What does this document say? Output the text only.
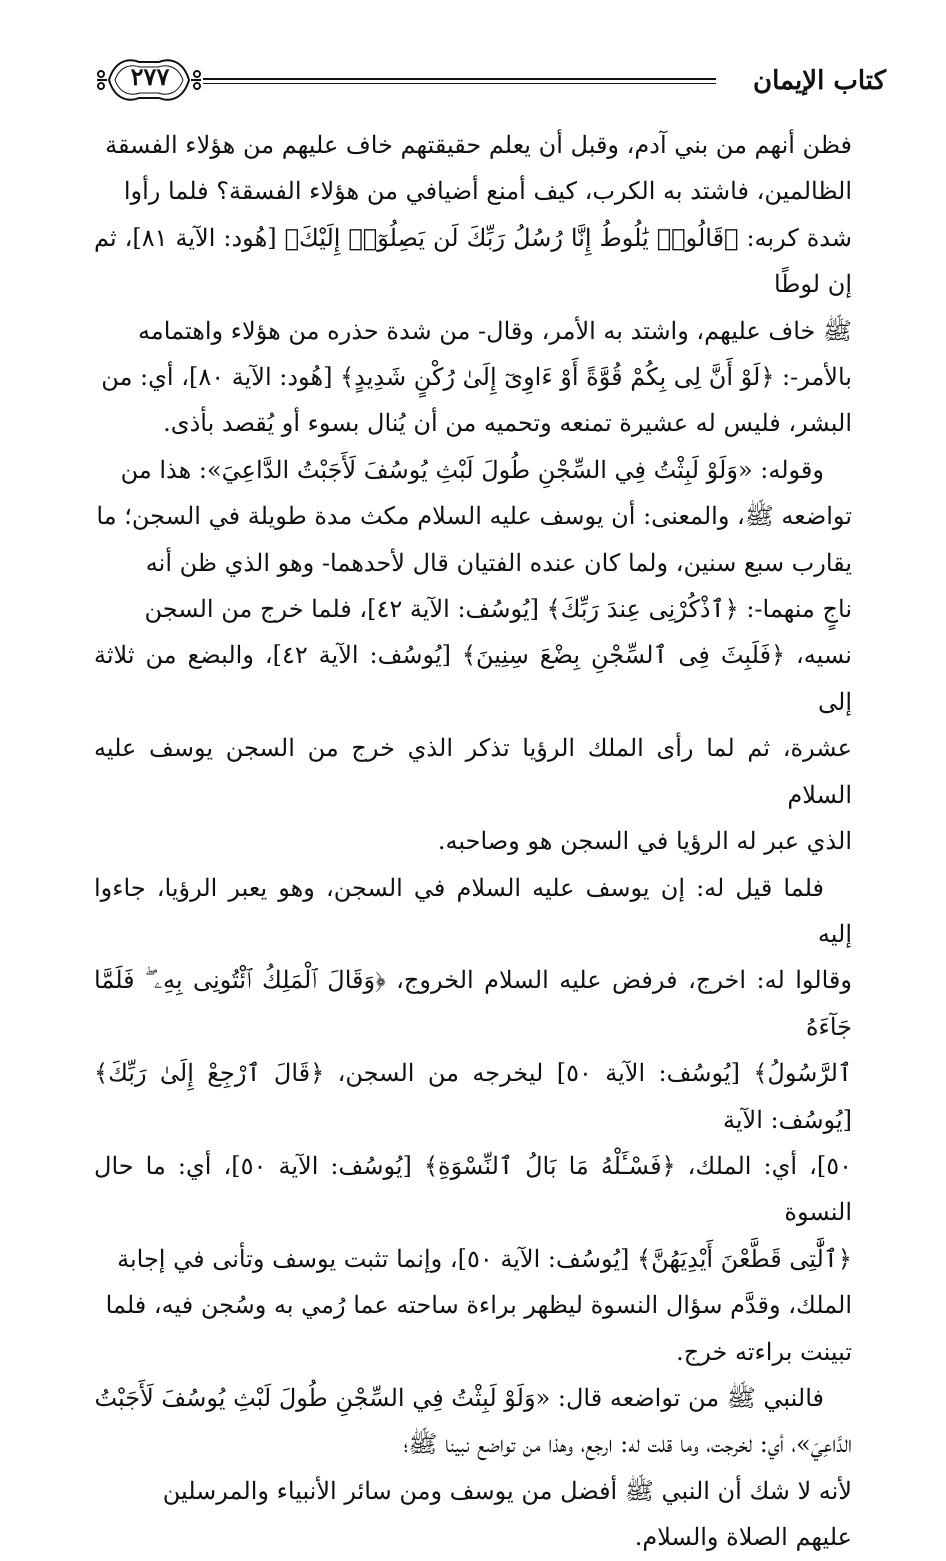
كتاب الإيمان
٢٧٧

فظن أنهم من بني آدم، وقبل أن يعلم حقيقتهم خاف عليهم من هؤلاء الفسقة

الظالمين، فاشتد به الكرب، كيف أمنع أضيافي من هؤلاء الفسقة؟ فلما رأوا

شدة كربه: ﴿قَالُوا۟ يَٰلُوطُ إِنَّا رُسُلُ رَبِّكَ لَن يَصِلُوٓا۟ إِلَيْكَ﴾ [هُود: الآية ٨١]، ثم إن لوطًا

ﷺ خاف عليهم، واشتد به الأمر، وقال- من شدة حذره من هؤلاء واهتمامه

بالأمر-: ﴿لَوْ أَنَّ لِى بِكُمْ قُوَّةً أَوْ ءَاوِىٓ إِلَىٰ رُكْنٍ شَدِيدٍ﴾ [هُود: الآية ٨٠]، أي: من

البشر، فليس له عشيرة تمنعه وتحميه من أن يُنال بسوء أو يُقصد بأذى.

وقوله: «وَلَوْ لَبِثْتُ فِي السِّجْنِ طُولَ لَبْثِ يُوسُفَ لَأَجَبْتُ الدَّاعِيَ»: هذا من

تواضعه ﷺ، والمعنى: أن يوسف عليه السلام مكث مدة طويلة في السجن؛ ما

يقارب سبع سنين، ولما كان عنده الفتيان قال لأحدهما- وهو الذي ظن أنه

ناجٍ منهما-: ﴿ٱذْكُرْنِى عِندَ رَبِّكَ﴾ [يُوسُف: الآية ٤٢]، فلما خرج من السجن

نسيه، ﴿فَلَبِثَ فِى ٱلسِّجْنِ بِضْعَ سِنِينَ﴾ [يُوسُف: الآية ٤٢]، والبضع من ثلاثة إلى

عشرة، ثم لما رأى الملك الرؤيا تذكر الذي خرج من السجن يوسف عليه السلام

الذي عبر له الرؤيا في السجن هو وصاحبه.

فلما قيل له: إن يوسف عليه السلام في السجن، وهو يعبر الرؤيا، جاءوا إليه

وقالوا له: اخرج، فرفض عليه السلام الخروج، ﴿وَقَالَ ٱلْمَلِكُ ٱئْتُونِى بِهِۦ ۖ فَلَمَّا جَآءَهُ

ٱلرَّسُولُ﴾ [يُوسُف: الآية ٥٠] ليخرجه من السجن، ﴿قَالَ ٱرْجِعْ إِلَىٰ رَبِّكَ﴾ [يُوسُف: الآية

٥٠]، أي: الملك، ﴿فَسْـَٔلْهُ مَا بَالُ ٱلنِّسْوَةِ﴾ [يُوسُف: الآية ٥٠]، أي: ما حال النسوة

﴿ٱلَّٰتِى قَطَّعْنَ أَيْدِيَهُنَّ﴾ [يُوسُف: الآية ٥٠]، وإنما تثبت يوسف وتأنى في إجابة

الملك، وقدَّم سؤال النسوة ليظهر براءة ساحته عما رُمي به وسُجن فيه، فلما

تبينت براءته خرج.

فالنبي ﷺ من تواضعه قال: «وَلَوْ لَبِثْتُ فِي السِّجْنِ طُولَ لَبْثِ يُوسُفَ لَأَجَبْتُ

الدَّاعِيَ»، أي: لخرجت، وما قلت له: ارجع، وهذا من تواضع نبينا ﷺ؛

لأنه لا شك أن النبي ﷺ أفضل من يوسف ومن سائر الأنبياء والمرسلين

عليهم الصلاة والسلام.
